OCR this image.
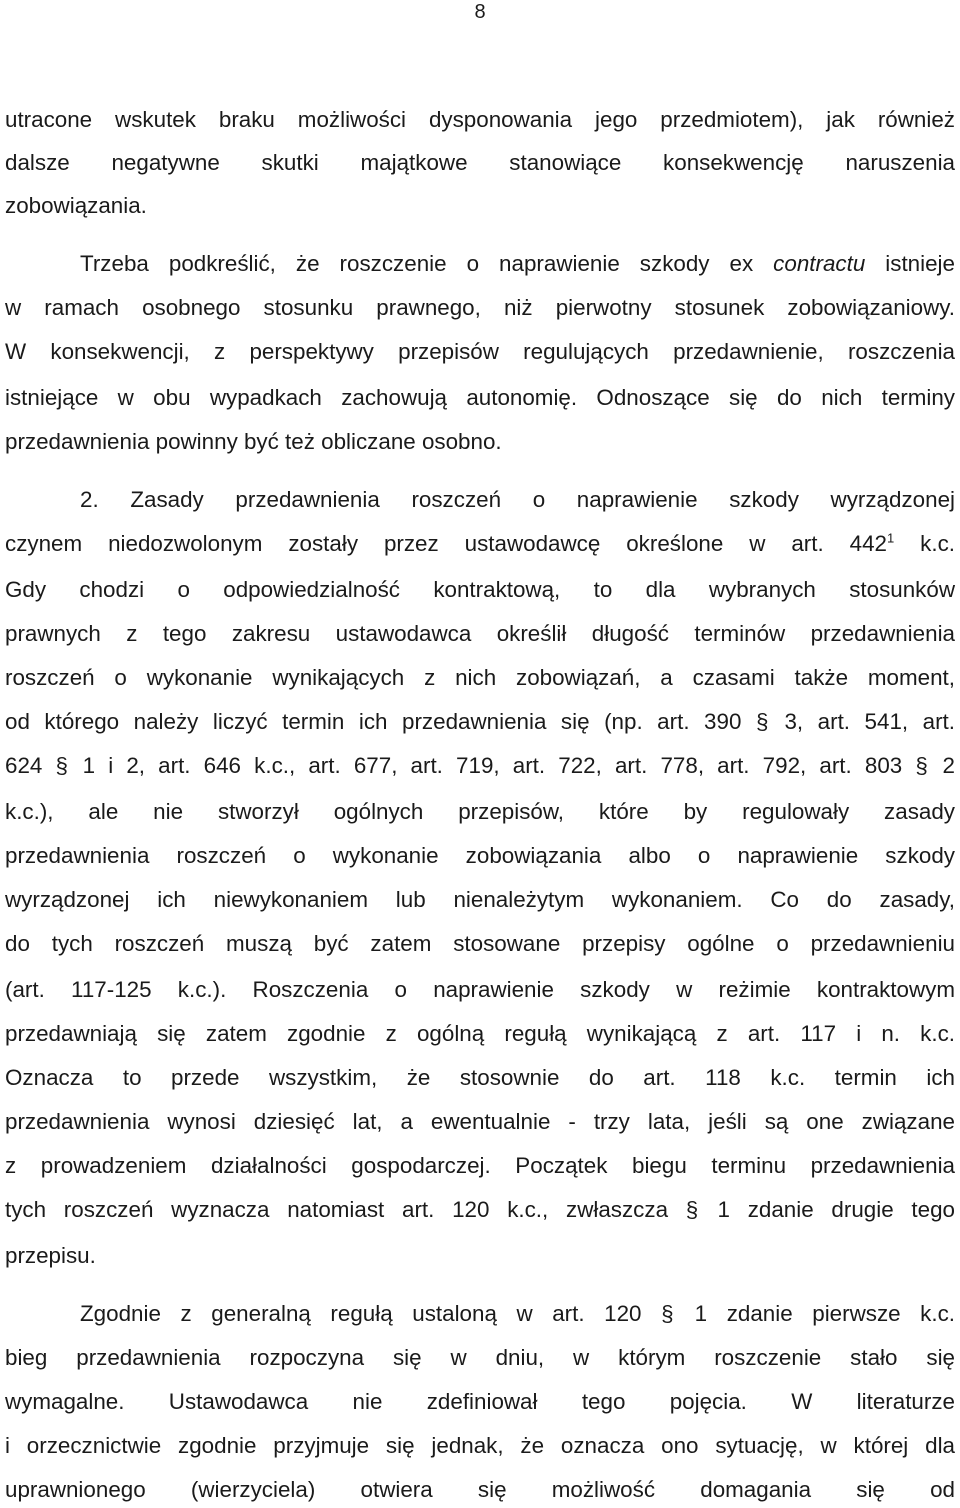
8
utracone wskutek braku możliwości dysponowania jego przedmiotem), jak również
dalsze negatywne skutki majątkowe stanowiące konsekwencję naruszenia
zobowiązania.
Trzeba podkreślić, że roszczenie o naprawienie szkody ex contractu istnieje
w ramach osobnego stosunku prawnego, niż pierwotny stosunek zobowiązaniowy.
W konsekwencji, z perspektywy przepisów regulujących przedawnienie, roszczenia
istniejące w obu wypadkach zachowują autonomię. Odnoszące się do nich terminy
przedawnienia powinny być też obliczane osobno.
2. Zasady przedawnienia roszczeń o naprawienie szkody wyrządzonej
czynem niedozwolonym zostały przez ustawodawcę określone w art. $442^1$ k.c.
Gdy chodzi o odpowiedzialność kontraktową, to dla wybranych stosunków
prawnych z tego zakresu ustawodawca określił długość terminów przedawnienia
roszczeń o wykonanie wynikających z nich zobowiązań, a czasami także moment,
od którego należy liczyć termin ich przedawnienia się (np. art. 390 § 3, art. 541, art.
624 § 1 i 2, art. 646 k.c., art. 677, art. 719, art. 722, art. 778, art. 792, art. 803 § 2
k.c.), ale nie stworzył ogólnych przepisów, które by regulowały zasady
przedawnienia roszczeń o wykonanie zobowiązania albo o naprawienie szkody
wyrządzonej ich niewykonaniem lub nienależytym wykonaniem. Co do zasady,
do tych roszczeń muszą być zatem stosowane przepisy ogólne o przedawnieniu
(art. 117-125 k.c.). Roszczenia o naprawienie szkody w reżimie kontraktowym
przedawniają się zatem zgodnie z ogólną regułą wynikającą z art. 117 i n. k.c.
Oznacza to przede wszystkim, że stosownie do art. 118 k.c. termin ich
przedawnienia wynosi dziesięć lat, a ewentualnie - trzy lata, jeśli są one związane
z prowadzeniem działalności gospodarczej. Początek biegu terminu przedawnienia
tych roszczeń wyznacza natomiast art. 120 k.c., zwłaszcza § 1 zdanie drugie tego
przepisu.
Zgodnie z generalną regułą ustaloną w art. 120 § 1 zdanie pierwsze k.c.
bieg przedawnienia rozpoczyna się w dniu, w którym roszczenie stało się
wymagalne. Ustawodawca nie zdefiniował tego pojęcia. W literaturze
i orzecznictwie zgodnie przyjmuje się jednak, że oznacza ono sytuację, w której dla
uprawnionego (wierzyciela) otwiera się możliwość domagania się od
